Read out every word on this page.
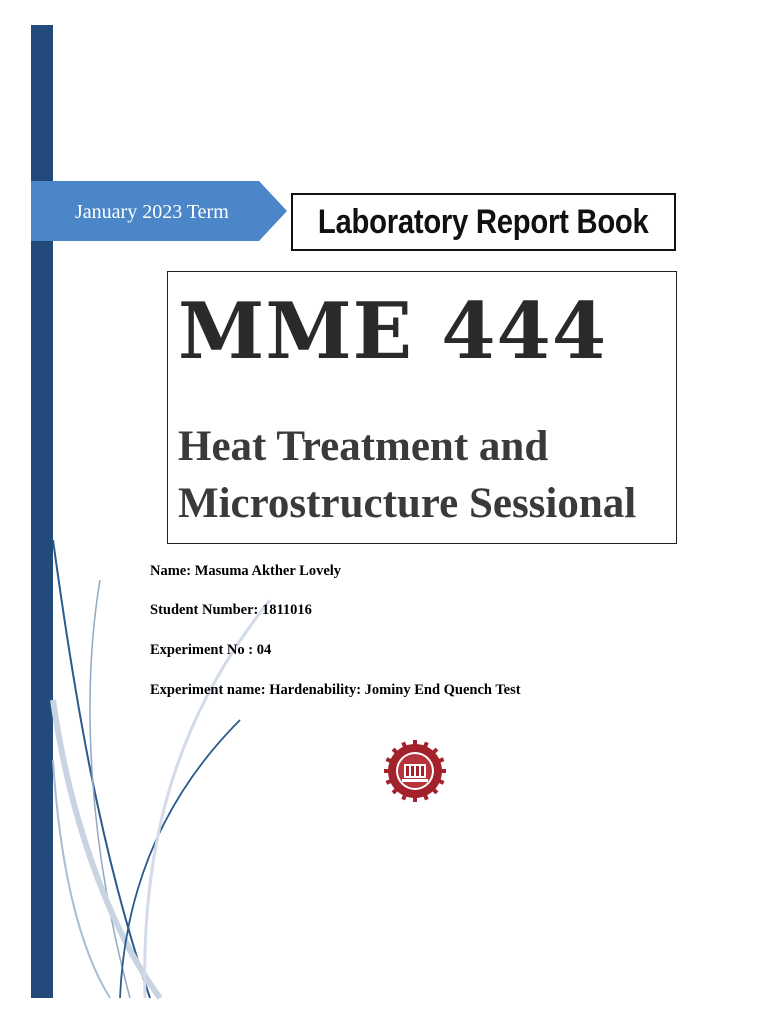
January 2023 Term	Laboratory Report Book
MME 444
Heat Treatment and Microstructure Sessional
Name: Masuma Akther Lovely
Student Number: 1811016
Experiment No : 04
Experiment name: Hardenability: Jominy End Quench Test
